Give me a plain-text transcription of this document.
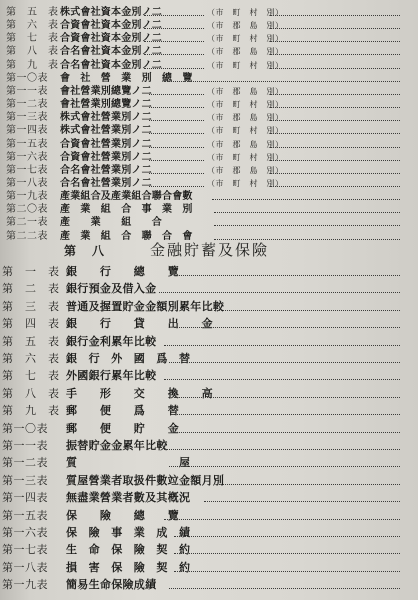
第　五　表 株式會社資本金別ノ二	（市　町　村　別）
第　六　表 合資會社資本金別ノ二	（市　郡　島　別）
第　七　表 合資會社資本金別ノ二	（市　町　村　別）
第　八　表 合名會社資本金別ノ二	（市　郡　島　別）
第　九　表 合名會社資本金別ノ二	（市　町　村　別）
第一〇表 會　社　營　業　別　總　覽
第一一表 會社營業別總覽ノ二	（市　郡　島　別）
第一二表 會社營業別總覽ノ二	（市　町　村　別）
第一三表 株式會社營業別ノ二	（市　郡　島　別）
第一四表 株式會社營業別ノ二	（市　町　村　別）
第一五表 合資會社營業別ノ二	（市　郡　島　別）
第一六表 合資會社營業別ノ二	（市　町　村　別）
第一七表 合名會社營業別ノ二	（市　郡　島　別）
第一八表 合名會社營業別ノ二	（市　町　村　別）
第一九表 產業組合及產業組合聯合會數
第二〇表 產　業　組　合　事　業　別
第二一表 產　　業　　組　　合
第二二表 產　業　組　合　聯　合　會
第　八	金融貯蓄及保險
第　一　表 銀　　行　　總　　覽
第　二　表 銀行預金及借入金
第　三　表 普通及握置貯金金額別累年比較
第　四　表 銀　　行　　貸　　出　　金
第　五　表 銀行金利累年比較
第　六　表 銀　行　外　國　爲　替
第　七　表 外國銀行累年比較
第　八　表 手　　形　　交　　換　　高
第　九　表 郵　　便　　爲　　替
第一〇表 郵　　便　　貯　　金
第一一表 振替貯金金累年比較
第一二表 質　　　　　　　　　屋
第一三表 質屋營業者取扱件數竝金額月別
第一四表 無盡業營業者數及其槪況
第一五表 保　　險　　總　　覽
第一六表 保　險　事　業　成　績
第一七表 生　命　保　險　契　約
第一八表 損　害　保　險　契　約
第一九表 簡易生命保險成績
